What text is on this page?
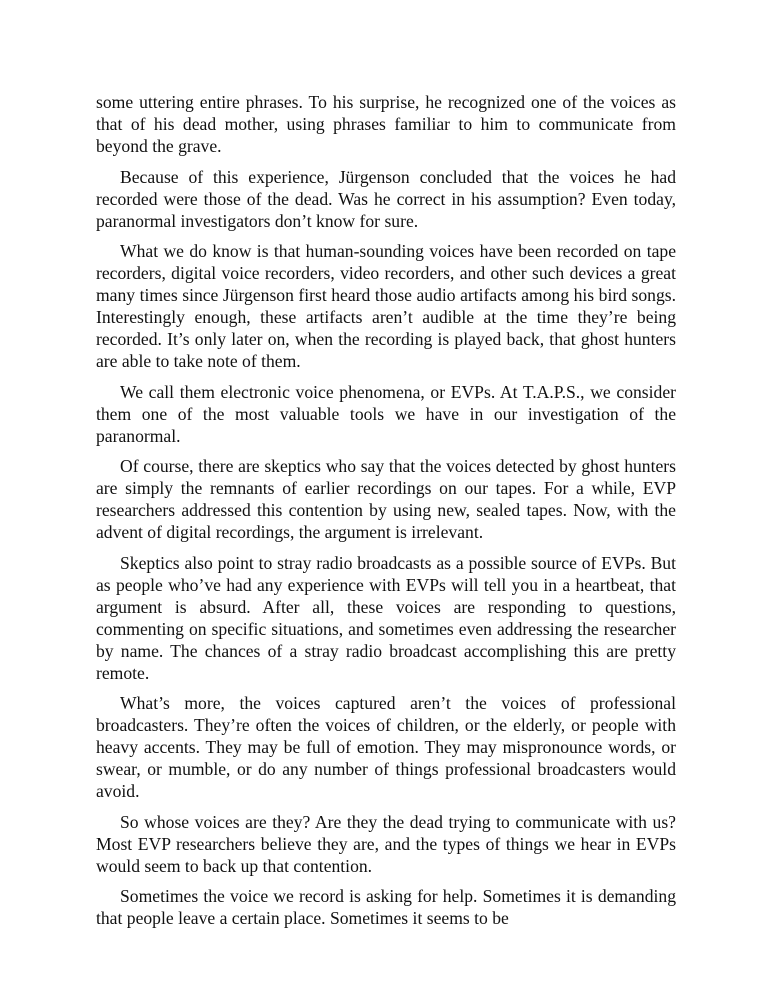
some uttering entire phrases. To his surprise, he recognized one of the voices as that of his dead mother, using phrases familiar to him to communicate from beyond the grave.

Because of this experience, Jürgenson concluded that the voices he had recorded were those of the dead. Was he correct in his assumption? Even today, paranormal investigators don’t know for sure.

What we do know is that human-sounding voices have been recorded on tape recorders, digital voice recorders, video recorders, and other such devices a great many times since Jürgenson first heard those audio artifacts among his bird songs. Interestingly enough, these artifacts aren’t audible at the time they’re being recorded. It’s only later on, when the recording is played back, that ghost hunters are able to take note of them.

We call them electronic voice phenomena, or EVPs. At T.A.P.S., we consider them one of the most valuable tools we have in our investigation of the paranormal.

Of course, there are skeptics who say that the voices detected by ghost hunters are simply the remnants of earlier recordings on our tapes. For a while, EVP researchers addressed this contention by using new, sealed tapes. Now, with the advent of digital recordings, the argument is irrelevant.

Skeptics also point to stray radio broadcasts as a possible source of EVPs. But as people who’ve had any experience with EVPs will tell you in a heartbeat, that argument is absurd. After all, these voices are responding to questions, commenting on specific situations, and sometimes even addressing the researcher by name. The chances of a stray radio broadcast accomplishing this are pretty remote.

What’s more, the voices captured aren’t the voices of professional broadcasters. They’re often the voices of children, or the elderly, or people with heavy accents. They may be full of emotion. They may mispronounce words, or swear, or mumble, or do any number of things professional broadcasters would avoid.

So whose voices are they? Are they the dead trying to communicate with us? Most EVP researchers believe they are, and the types of things we hear in EVPs would seem to back up that contention.

Sometimes the voice we record is asking for help. Sometimes it is demanding that people leave a certain place. Sometimes it seems to be
